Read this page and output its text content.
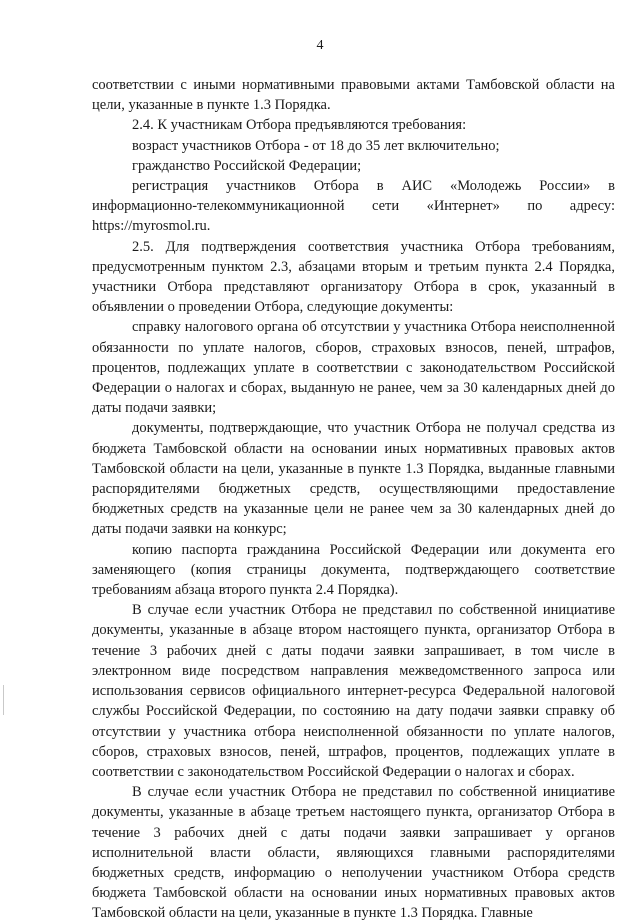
4

соответствии с иными нормативными правовыми актами Тамбовской области на цели, указанные в пункте 1.3 Порядка.

2.4. К участникам Отбора предъявляются требования:

возраст участников Отбора - от 18 до 35 лет включительно;

гражданство Российской Федерации;

регистрация участников Отбора в АИС «Молодежь России» в информационно-телекоммуникационной сети «Интернет» по адресу: https://myrosmol.ru.

2.5. Для подтверждения соответствия участника Отбора требованиям, предусмотренным пунктом 2.3, абзацами вторым и третьим пункта 2.4 Порядка, участники Отбора представляют организатору Отбора в срок, указанный в объявлении о проведении Отбора, следующие документы:

справку налогового органа об отсутствии у участника Отбора неисполненной обязанности по уплате налогов, сборов, страховых взносов, пеней, штрафов, процентов, подлежащих уплате в соответствии с законодательством Российской Федерации о налогах и сборах, выданную не ранее, чем за 30 календарных дней до даты подачи заявки;

документы, подтверждающие, что участник Отбора не получал средства из бюджета Тамбовской области на основании иных нормативных правовых актов Тамбовской области на цели, указанные в пункте 1.3 Порядка, выданные главными распорядителями бюджетных средств, осуществляющими предоставление бюджетных средств на указанные цели не ранее чем за 30 календарных дней до даты подачи заявки на конкурс;

копию паспорта гражданина Российской Федерации или документа его заменяющего (копия страницы документа, подтверждающего соответствие требованиям абзаца второго пункта 2.4 Порядка).

В случае если участник Отбора не представил по собственной инициативе документы, указанные в абзаце втором настоящего пункта, организатор Отбора в течение 3 рабочих дней с даты подачи заявки запрашивает, в том числе в электронном виде посредством направления межведомственного запроса или использования сервисов официального интернет-ресурса Федеральной налоговой службы Российской Федерации, по состоянию на дату подачи заявки справку об отсутствии у участника отбора неисполненной обязанности по уплате налогов, сборов, страховых взносов, пеней, штрафов, процентов, подлежащих уплате в соответствии с законодательством Российской Федерации о налогах и сборах.

В случае если участник Отбора не представил по собственной инициативе документы, указанные в абзаце третьем настоящего пункта, организатор Отбора в течение 3 рабочих дней с даты подачи заявки запрашивает у органов исполнительной власти области, являющихся главными распорядителями бюджетных средств, информацию о неполучении участником Отбора средств бюджета Тамбовской области на основании иных нормативных правовых актов Тамбовской области на цели, указанные в пункте 1.3 Порядка. Главные
